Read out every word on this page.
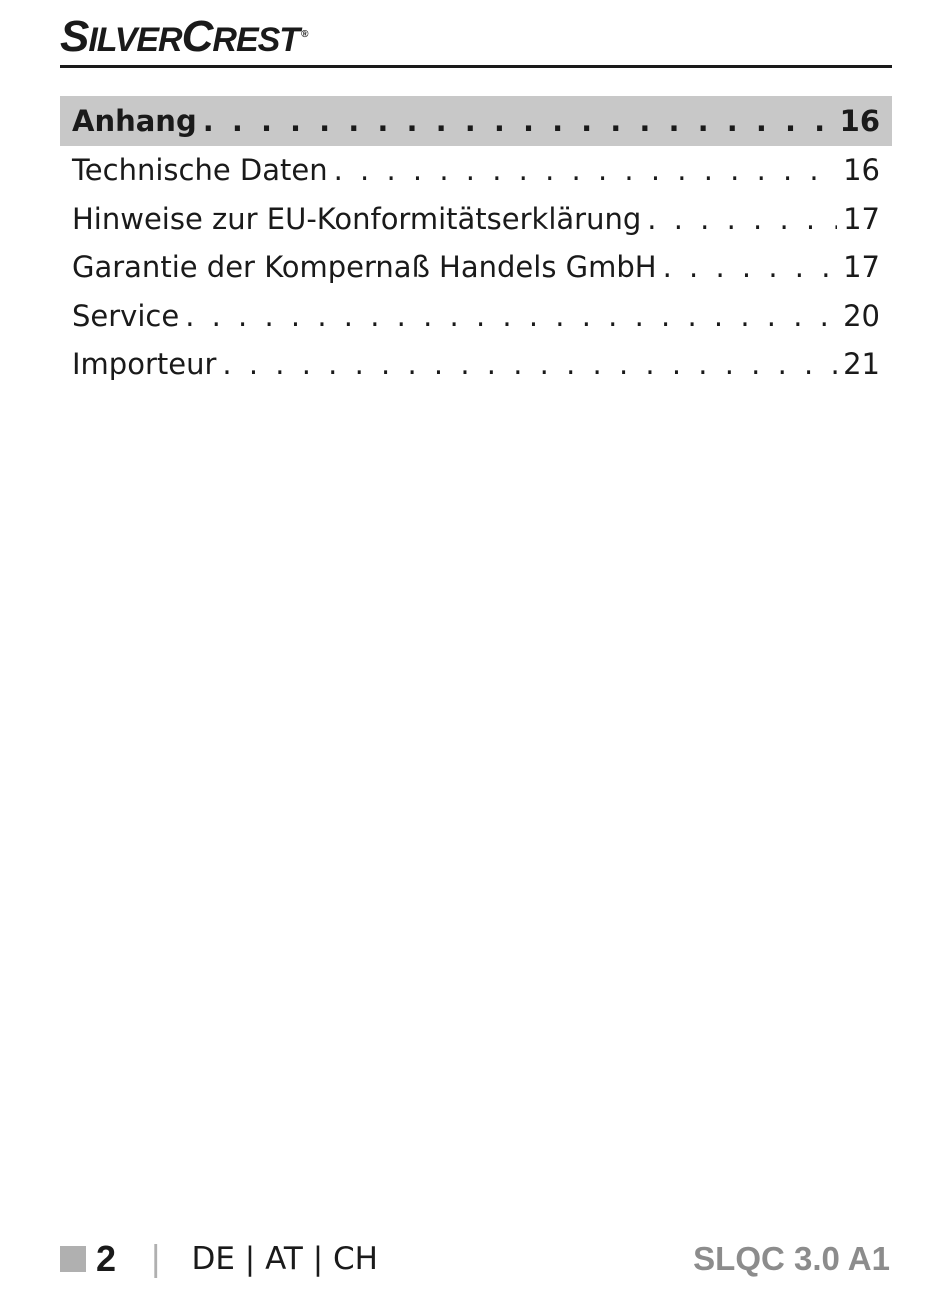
SILVERCREST ®
Anhang . . .	16
Technische Daten . . .	16
Hinweise zur EU-Konformitätserklärung . . .	17
Garantie der Kompernaß Handels GmbH . . .	17
Service . . .	20
Importeur . . .	21
2 | DE | AT | CH	SLQC 3.0 A1
